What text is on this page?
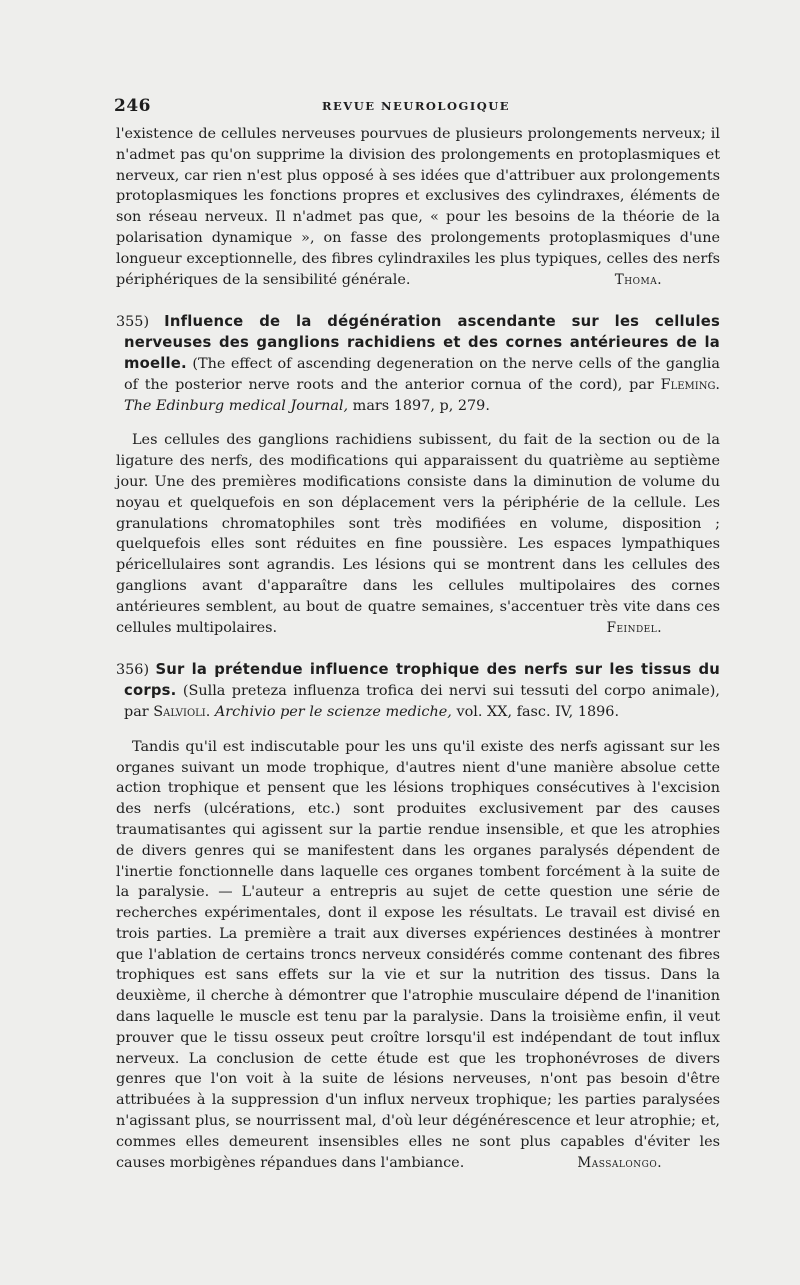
246	REVUE NEUROLOGIQUE

l'existence de cellules nerveuses pourvues de plusieurs prolongements nerveux; il n'admet pas qu'on supprime la division des prolongements en protoplasmiques et nerveux, car rien n'est plus opposé à ses idées que d'attribuer aux prolongements protoplasmiques les fonctions propres et exclusives des cylindraxes, éléments de son réseau nerveux. Il n'admet pas que, « pour les besoins de la théorie de la polarisation dynamique », on fasse des prolongements protoplasmiques d'une longueur exceptionnelle, des fibres cylindraxiles les plus typiques, celles des nerfs périphériques de la sensibilité générale.	Thoma.

355) Influence de la dégénération ascendante sur les cellules nerveuses des ganglions rachidiens et des cornes antérieures de la moelle. (The effect of ascending degeneration on the nerve cells of the ganglia of the posterior nerve roots and the anterior cornua of the cord), par Fleming. The Edinburg medical Journal, mars 1897, p, 279.

Les cellules des ganglions rachidiens subissent, du fait de la section ou de la ligature des nerfs, des modifications qui apparaissent du quatrième au septième jour. Une des premières modifications consiste dans la diminution de volume du noyau et quelquefois en son déplacement vers la périphérie de la cellule. Les granulations chromatophiles sont très modifiées en volume, disposition ; quelquefois elles sont réduites en fine poussière. Les espaces lympathiques péricellulaires sont agrandis. Les lésions qui se montrent dans les cellules des ganglions avant d'apparaître dans les cellules multipolaires des cornes antérieures semblent, au bout de quatre semaines, s'accentuer très vite dans ces cellules multipolaires.	Feindel.

356) Sur la prétendue influence trophique des nerfs sur les tissus du corps. (Sulla preteza influenza trofica dei nervi sui tessuti del corpo animale), par Salvioli. Archivio per le scienze mediche, vol. XX, fasc. IV, 1896.

Tandis qu'il est indiscutable pour les uns qu'il existe des nerfs agissant sur les organes suivant un mode trophique, d'autres nient d'une manière absolue cette action trophique et pensent que les lésions trophiques consécutives à l'excision des nerfs (ulcérations, etc.) sont produites exclusivement par des causes traumatisantes qui agissent sur la partie rendue insensible, et que les atrophies de divers genres qui se manifestent dans les organes paralysés dépendent de l'inertie fonctionnelle dans laquelle ces organes tombent forcément à la suite de la paralysie. — L'auteur a entrepris au sujet de cette question une série de recherches expérimentales, dont il expose les résultats. Le travail est divisé en trois parties. La première a trait aux diverses expériences destinées à montrer que l'ablation de certains troncs nerveux considérés comme contenant des fibres trophiques est sans effets sur la vie et sur la nutrition des tissus. Dans la deuxième, il cherche à démontrer que l'atrophie musculaire dépend de l'inanition dans laquelle le muscle est tenu par la paralysie. Dans la troisième enfin, il veut prouver que le tissu osseux peut croître lorsqu'il est indépendant de tout influx nerveux. La conclusion de cette étude est que les trophonévroses de divers genres que l'on voit à la suite de lésions nerveuses, n'ont pas besoin d'être attribuées à la suppression d'un influx nerveux trophique; les parties paralysées n'agissant plus, se nourrissent mal, d'où leur dégénérescence et leur atrophie; et, commes elles demeurent insensibles elles ne sont plus capables d'éviter les causes morbigènes répandues dans l'ambiance.	Massalongo.
